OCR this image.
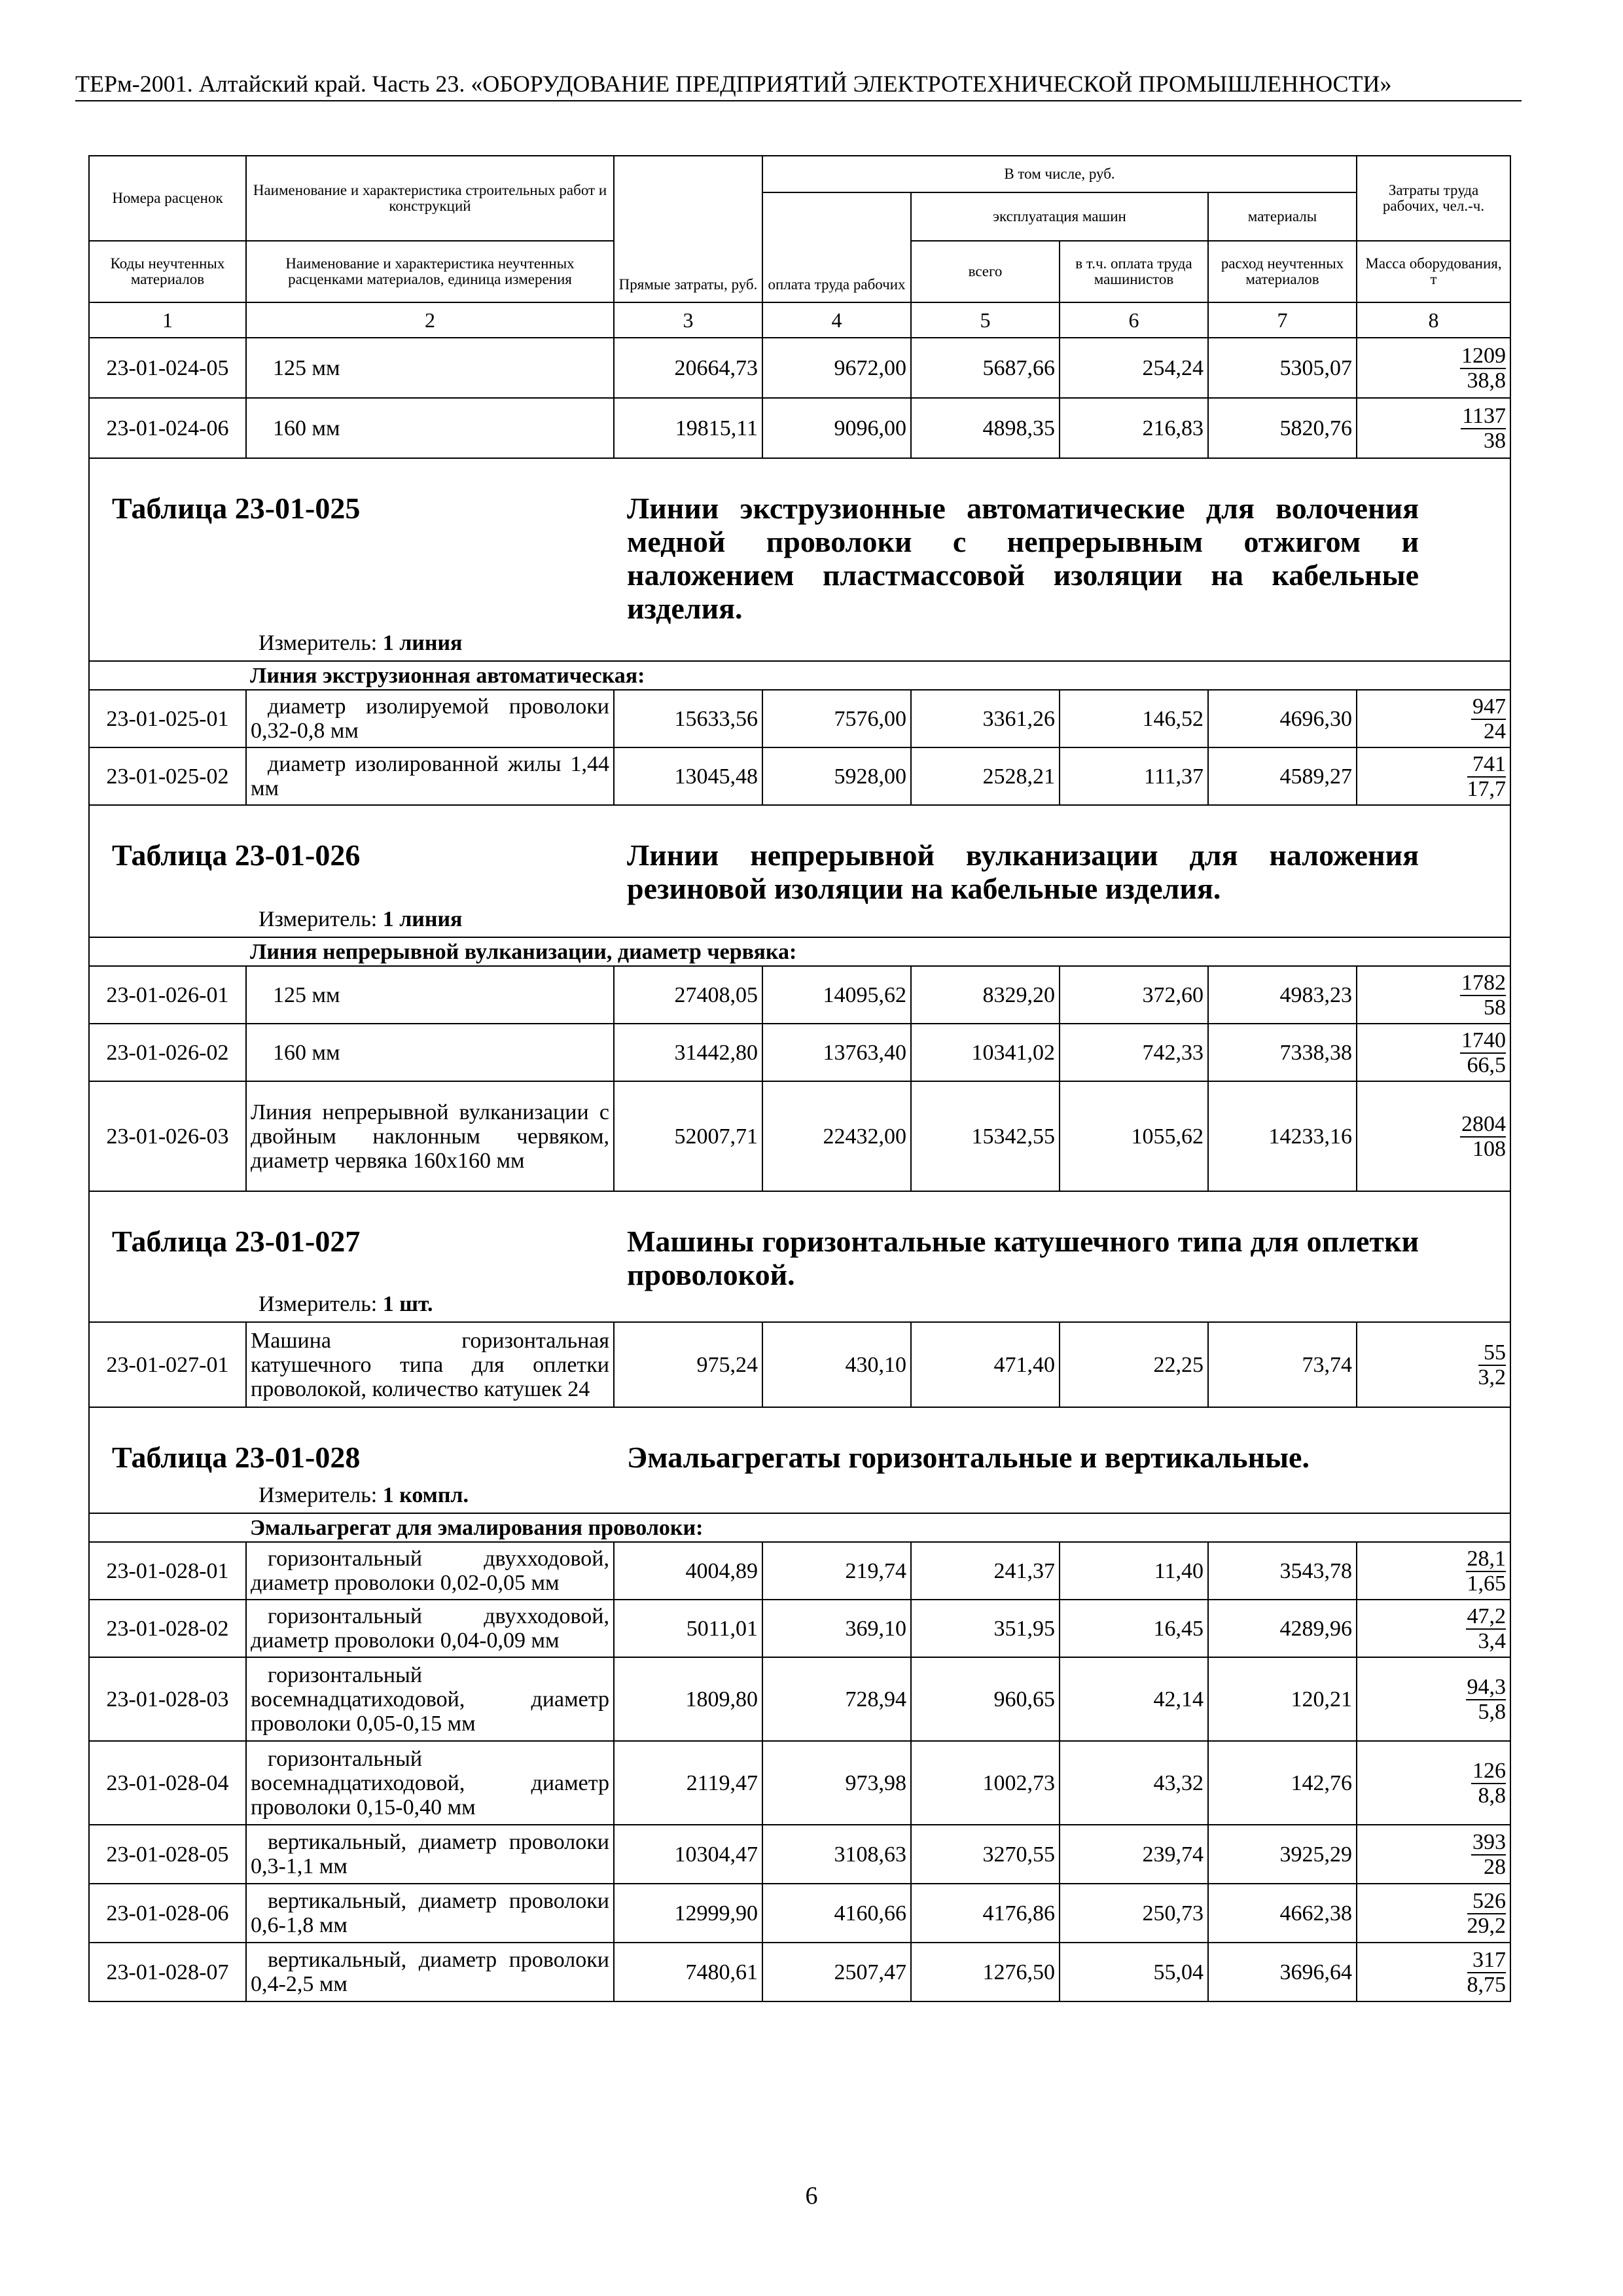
ТЕРм-2001. Алтайский край. Часть 23. «ОБОРУДОВАНИЕ ПРЕДПРИЯТИЙ ЭЛЕКТРОТЕХНИЧЕСКОЙ ПРОМЫШЛЕННОСТИ»
Номера расценок	Наименование и характеристика строительных работ и конструкций	Прямые затраты, руб.	В том числе, руб.				Затраты труда рабочих, чел.-ч.
			оплата труда рабочих	эксплуатация машин		материалы	
Коды неучтенных материалов	Наименование и характеристика неучтенных расценками материалов, единица измерения			всего	в т.ч. оплата труда машинистов	расход неучтенных материалов	Масса оборудования, т
1	2	3	4	5	6	7	8
23-01-024-05	125 мм	20664,73	9672,00	5687,66	254,24	5305,07	$\frac{1209}{38,8}$

23-01-024-06	160 мм	19815,11	9096,00	4898,35	216,83	5820,76	$\frac{1137}{38}$

Таблица 23-01-025 Линии экструзионные автоматические для волочения медной проволоки с непрерывным отжигом и наложением пластмассовой изоляции на кабельные изделия.
Измеритель: 1 линия							

	Линия экструзионная автоматическая:						
23-01-025-01	диаметр изолируемой проволоки 0,32-0,8 мм	15633,56	7576,00	3361,26	146,52	4696,30	$\frac{947}{24}$

23-01-025-02	диаметр изолированной жилы 1,44 мм	13045,48	5928,00	2528,21	111,37	4589,27	$\frac{741}{17,7}$

Таблица 23-01-026 Линии непрерывной вулканизации для наложения резиновой изоляции на кабельные изделия.
Измеритель: 1 линия							

	Линия непрерывной вулканизации, диаметр червяка:						
23-01-026-01	125 мм	27408,05	14095,62	8329,20	372,60	4983,23	$\frac{1782}{58}$

23-01-026-02	160 мм	31442,80	13763,40	10341,02	742,33	7338,38	$\frac{1740}{66,5}$

23-01-026-03	Линия непрерывной вулканизации с двойным наклонным червяком, диаметр червяка 160х160 мм	52007,71	22432,00	15342,55	1055,62	14233,16	$\frac{2804}{108}$

Таблица 23-01-027 Машины горизонтальные катушечного типа для оплетки проволокой.
Измеритель: 1 шт.							

23-01-027-01	Машина горизонтальная катушечного типа для оплетки проволокой, количество катушек 24	975,24	430,10	471,40	22,25	73,74	$\frac{55}{3,2}$

Таблица 23-01-028 Эмальагрегаты горизонтальные и вертикальные.
Измеритель: 1 компл.							

	Эмальагрегат для эмалирования проволоки:						
23-01-028-01	горизонтальный двухходовой, диаметр проволоки 0,02-0,05 мм	4004,89	219,74	241,37	11,40	3543,78	$\frac{28,1}{1,65}$

23-01-028-02	горизонтальный двухходовой, диаметр проволоки 0,04-0,09 мм	5011,01	369,10	351,95	16,45	4289,96	$\frac{47,2}{3,4}$

23-01-028-03	горизонтальный восемнадцатиходовой, диаметр проволоки 0,05-0,15 мм	1809,80	728,94	960,65	42,14	120,21	$\frac{94,3}{5,8}$

23-01-028-04	горизонтальный восемнадцатиходовой, диаметр проволоки 0,15-0,40 мм	2119,47	973,98	1002,73	43,32	142,76	$\frac{126}{8,8}$

23-01-028-05	вертикальный, диаметр проволоки 0,3-1,1 мм	10304,47	3108,63	3270,55	239,74	3925,29	$\frac{393}{28}$

23-01-028-06	вертикальный, диаметр проволоки 0,6-1,8 мм	12999,90	4160,66	4176,86	250,73	4662,38	$\frac{526}{29,2}$

23-01-028-07	вертикальный, диаметр проволоки 0,4-2,5 мм	7480,61	2507,47	1276,50	55,04	3696,64	$\frac{317}{8,75}$
6
